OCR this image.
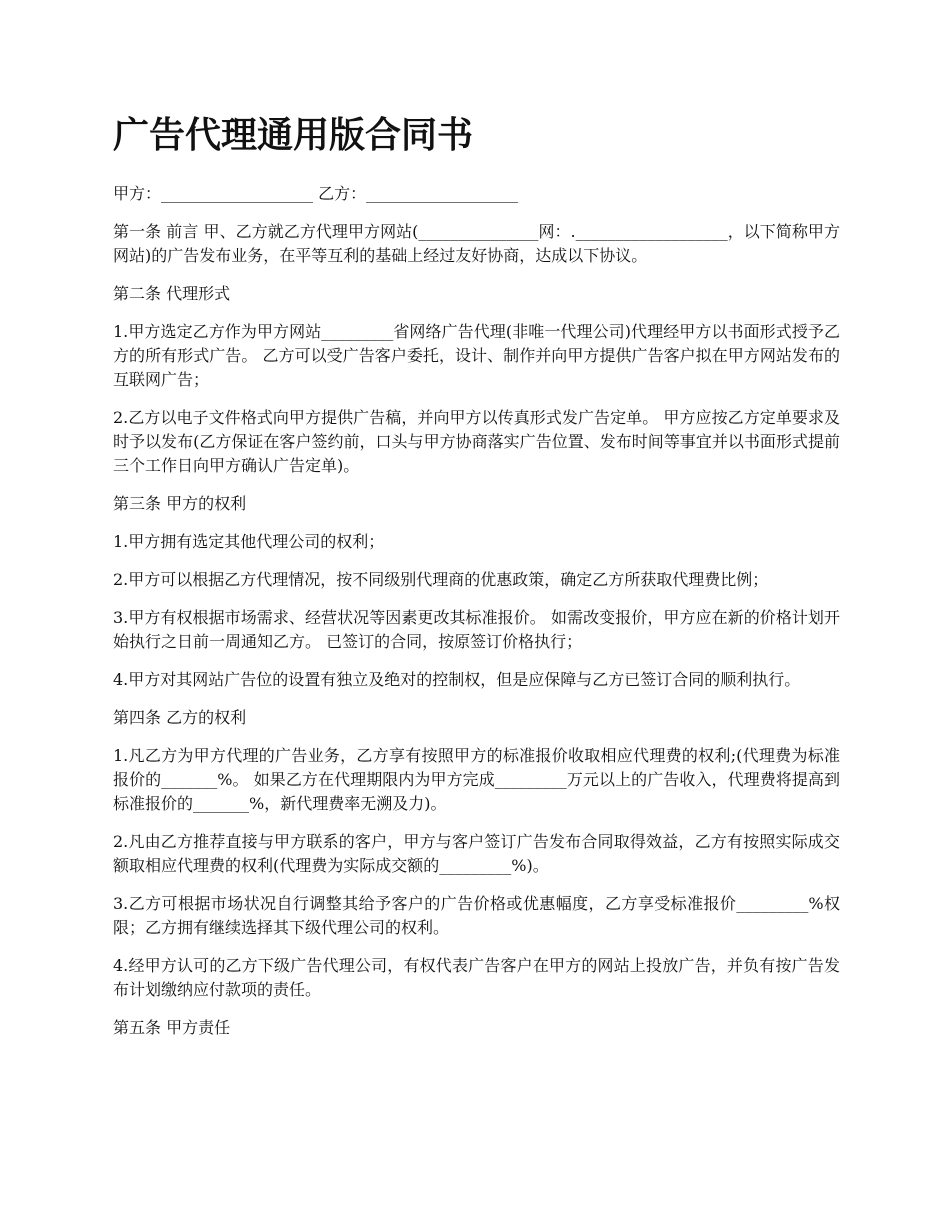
广告代理通用版合同书

甲方：___________________ 乙方：___________________

第一条 前言 甲、乙方就乙方代理甲方网站(_______________网：.___________________，以下简称甲方网站)的广告发布业务，在平等互利的基础上经过友好协商，达成以下协议。

第二条 代理形式

1.甲方选定乙方作为甲方网站_________省网络广告代理(非唯一代理公司)代理经甲方以书面形式授予乙方的所有形式广告。 乙方可以受广告客户委托，设计、制作并向甲方提供广告客户拟在甲方网站发布的互联网广告；

2.乙方以电子文件格式向甲方提供广告稿，并向甲方以传真形式发广告定单。 甲方应按乙方定单要求及时予以发布(乙方保证在客户签约前，口头与甲方协商落实广告位置、发布时间等事宜并以书面形式提前三个工作日向甲方确认广告定单)。

第三条 甲方的权利

1.甲方拥有选定其他代理公司的权利；

2.甲方可以根据乙方代理情况，按不同级别代理商的优惠政策，确定乙方所获取代理费比例；

3.甲方有权根据市场需求、经营状况等因素更改其标准报价。 如需改变报价，甲方应在新的价格计划开始执行之日前一周通知乙方。 已签订的合同，按原签订价格执行；

4.甲方对其网站广告位的设置有独立及绝对的控制权，但是应保障与乙方已签订合同的顺利执行。

第四条 乙方的权利

1.凡乙方为甲方代理的广告业务，乙方享有按照甲方的标准报价收取相应代理费的权利;(代理费为标准报价的_______%。 如果乙方在代理期限内为甲方完成_________万元以上的广告收入，代理费将提高到标准报价的_______%，新代理费率无溯及力)。

2.凡由乙方推荐直接与甲方联系的客户，甲方与客户签订广告发布合同取得效益，乙方有按照实际成交额取相应代理费的权利(代理费为实际成交额的_________%)。

3.乙方可根据市场状况自行调整其给予客户的广告价格或优惠幅度，乙方享受标准报价_________%权限；乙方拥有继续选择其下级代理公司的权利。

4.经甲方认可的乙方下级广告代理公司，有权代表广告客户在甲方的网站上投放广告，并负有按广告发布计划缴纳应付款项的责任。

第五条 甲方责任
